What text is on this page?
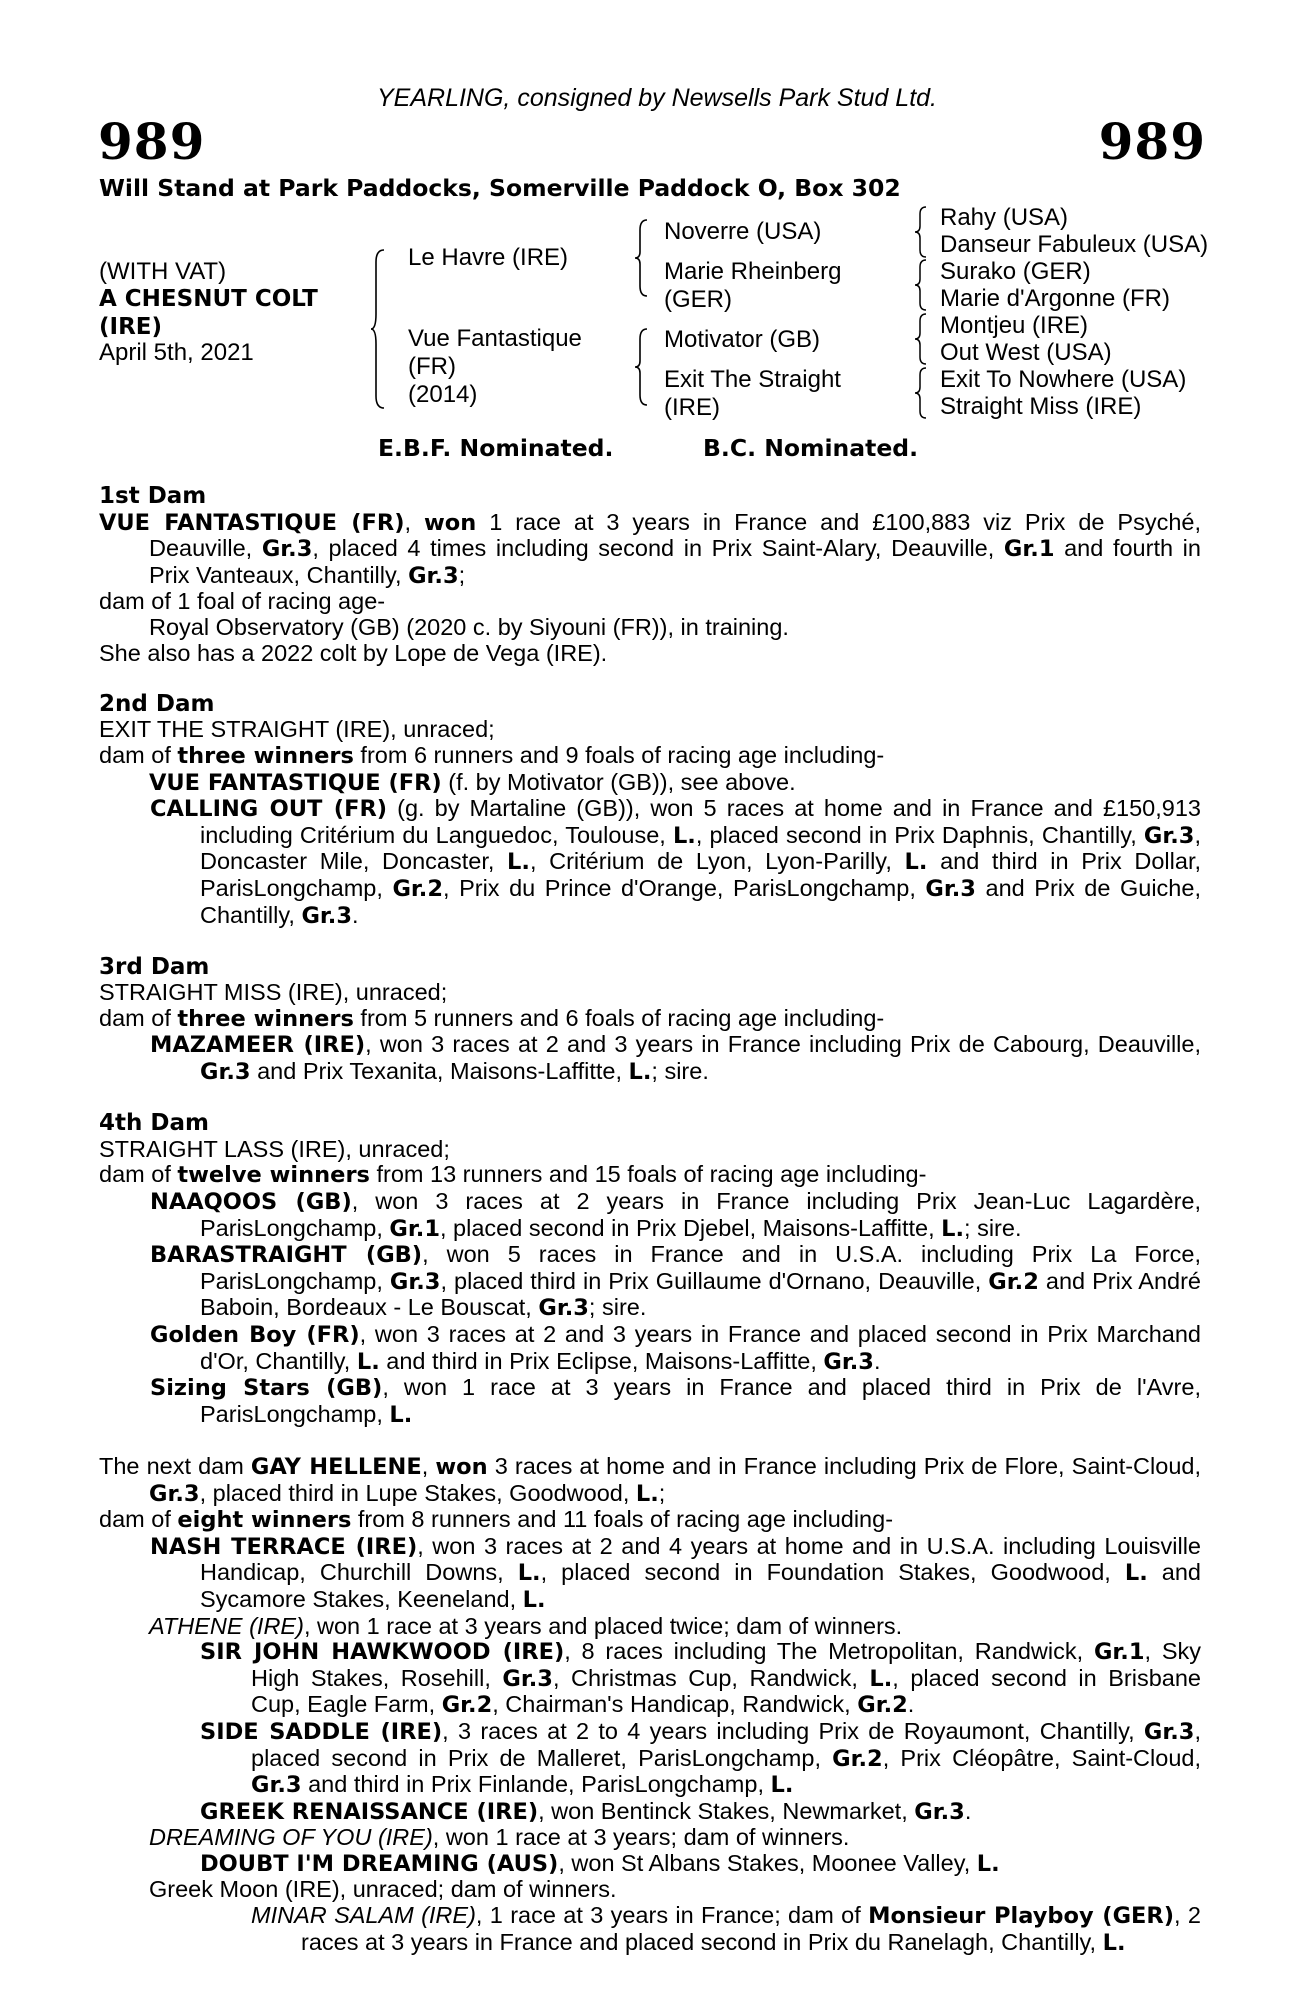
YEARLING, consigned by Newsells Park Stud Ltd.
989	989
Will Stand at Park Paddocks, Somerville Paddock O, Box 302
(WITH VAT)
A CHESNUT COLT
(IRE)
April 5th, 2021
Le Havre (IRE)
Vue Fantastique
(FR)
(2014)
Noverre (USA)
Marie Rheinberg
(GER)
Motivator (GB)
Exit The Straight
(IRE)
Rahy (USA)
Danseur Fabuleux (USA)
Surako (GER)
Marie d'Argonne (FR)
Montjeu (IRE)
Out West (USA)
Exit To Nowhere (USA)
Straight Miss (IRE)
E.B.F. Nominated.	B.C. Nominated.

1st Dam

VUE FANTASTIQUE (FR), won 1 race at 3 years in France and £100,883 viz Prix de Psyché, Deauville, Gr.3, placed 4 times including second in Prix Saint-Alary, Deauville, Gr.1 and fourth in Prix Vanteaux, Chantilly, Gr.3;

dam of 1 foal of racing age-

Royal Observatory (GB) (2020 c. by Siyouni (FR)), in training.

She also has a 2022 colt by Lope de Vega (IRE).

2nd Dam

EXIT THE STRAIGHT (IRE), unraced;

dam of three winners from 6 runners and 9 foals of racing age including-

VUE FANTASTIQUE (FR) (f. by Motivator (GB)), see above.

CALLING OUT (FR) (g. by Martaline (GB)), won 5 races at home and in France and £150,913 including Critérium du Languedoc, Toulouse, L., placed second in Prix Daphnis, Chantilly, Gr.3, Doncaster Mile, Doncaster, L., Critérium de Lyon, Lyon-Parilly, L. and third in Prix Dollar, ParisLongchamp, Gr.2, Prix du Prince d'Orange, ParisLongchamp, Gr.3 and Prix de Guiche, Chantilly, Gr.3.

3rd Dam

STRAIGHT MISS (IRE), unraced;

dam of three winners from 5 runners and 6 foals of racing age including-

MAZAMEER (IRE), won 3 races at 2 and 3 years in France including Prix de Cabourg, Deauville, Gr.3 and Prix Texanita, Maisons-Laffitte, L.; sire.

4th Dam

STRAIGHT LASS (IRE), unraced;

dam of twelve winners from 13 runners and 15 foals of racing age including-

NAAQOOS (GB), won 3 races at 2 years in France including Prix Jean-Luc Lagardère, ParisLongchamp, Gr.1, placed second in Prix Djebel, Maisons-Laffitte, L.; sire.

BARASTRAIGHT (GB), won 5 races in France and in U.S.A. including Prix La Force, ParisLongchamp, Gr.3, placed third in Prix Guillaume d'Ornano, Deauville, Gr.2 and Prix André Baboin, Bordeaux - Le Bouscat, Gr.3; sire.

Golden Boy (FR), won 3 races at 2 and 3 years in France and placed second in Prix Marchand d'Or, Chantilly, L. and third in Prix Eclipse, Maisons-Laffitte, Gr.3.

Sizing Stars (GB), won 1 race at 3 years in France and placed third in Prix de l'Avre, ParisLongchamp, L.

The next dam GAY HELLENE, won 3 races at home and in France including Prix de Flore, Saint-Cloud, Gr.3, placed third in Lupe Stakes, Goodwood, L.;

dam of eight winners from 8 runners and 11 foals of racing age including-

NASH TERRACE (IRE), won 3 races at 2 and 4 years at home and in U.S.A. including Louisville Handicap, Churchill Downs, L., placed second in Foundation Stakes, Goodwood, L. and Sycamore Stakes, Keeneland, L.

ATHENE (IRE), won 1 race at 3 years and placed twice; dam of winners.

SIR JOHN HAWKWOOD (IRE), 8 races including The Metropolitan, Randwick, Gr.1, Sky High Stakes, Rosehill, Gr.3, Christmas Cup, Randwick, L., placed second in Brisbane Cup, Eagle Farm, Gr.2, Chairman's Handicap, Randwick, Gr.2.

SIDE SADDLE (IRE), 3 races at 2 to 4 years including Prix de Royaumont, Chantilly, Gr.3, placed second in Prix de Malleret, ParisLongchamp, Gr.2, Prix Cléopâtre, Saint-Cloud, Gr.3 and third in Prix Finlande, ParisLongchamp, L.

GREEK RENAISSANCE (IRE), won Bentinck Stakes, Newmarket, Gr.3.

DREAMING OF YOU (IRE), won 1 race at 3 years; dam of winners.

DOUBT I'M DREAMING (AUS), won St Albans Stakes, Moonee Valley, L.

Greek Moon (IRE), unraced; dam of winners.

MINAR SALAM (IRE), 1 race at 3 years in France; dam of Monsieur Playboy (GER), 2 races at 3 years in France and placed second in Prix du Ranelagh, Chantilly, L.
